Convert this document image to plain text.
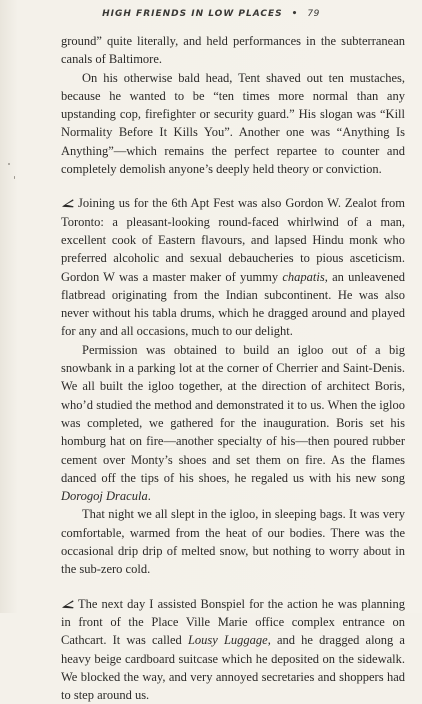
HIGH FRIENDS IN LOW PLACES • 79

ground” quite literally, and held performances in the subterranean canals of Baltimore.

On his otherwise bald head, Tent shaved out ten mustaches, because he wanted to be “ten times more normal than any upstanding cop, firefighter or security guard.” His slogan was “Kill Normality Before It Kills You”. Another one was “Anything Is Anything”—which remains the perfect repartee to counter and completely demolish anyone’s deeply held theory or conviction.

Joining us for the 6th Apt Fest was also Gordon W. Zealot from Toronto: a pleasant-looking round-faced whirlwind of a man, excellent cook of Eastern flavours, and lapsed Hindu monk who preferred alcoholic and sexual debaucheries to pious asceticism. Gordon W was a master maker of yummy chapatis, an unleavened flatbread originating from the Indian subcontinent. He was also never without his tabla drums, which he dragged around and played for any and all occasions, much to our delight.

Permission was obtained to build an igloo out of a big snowbank in a parking lot at the corner of Cherrier and Saint-Denis. We all built the igloo together, at the direction of architect Boris, who’d studied the method and demonstrated it to us. When the igloo was completed, we gathered for the inauguration. Boris set his homburg hat on fire—another specialty of his—then poured rubber cement over Monty’s shoes and set them on fire. As the flames danced off the tips of his shoes, he regaled us with his new song Dorogoj Dracula.

That night we all slept in the igloo, in sleeping bags. It was very comfortable, warmed from the heat of our bodies. There was the occasional drip drip of melted snow, but nothing to worry about in the sub-zero cold.

The next day I assisted Bonspiel for the action he was planning in front of the Place Ville Marie office complex entrance on Cathcart. It was called Lousy Luggage, and he dragged along a heavy beige cardboard suitcase which he deposited on the sidewalk. We blocked the way, and very annoyed secretaries and shoppers had to step around us.
